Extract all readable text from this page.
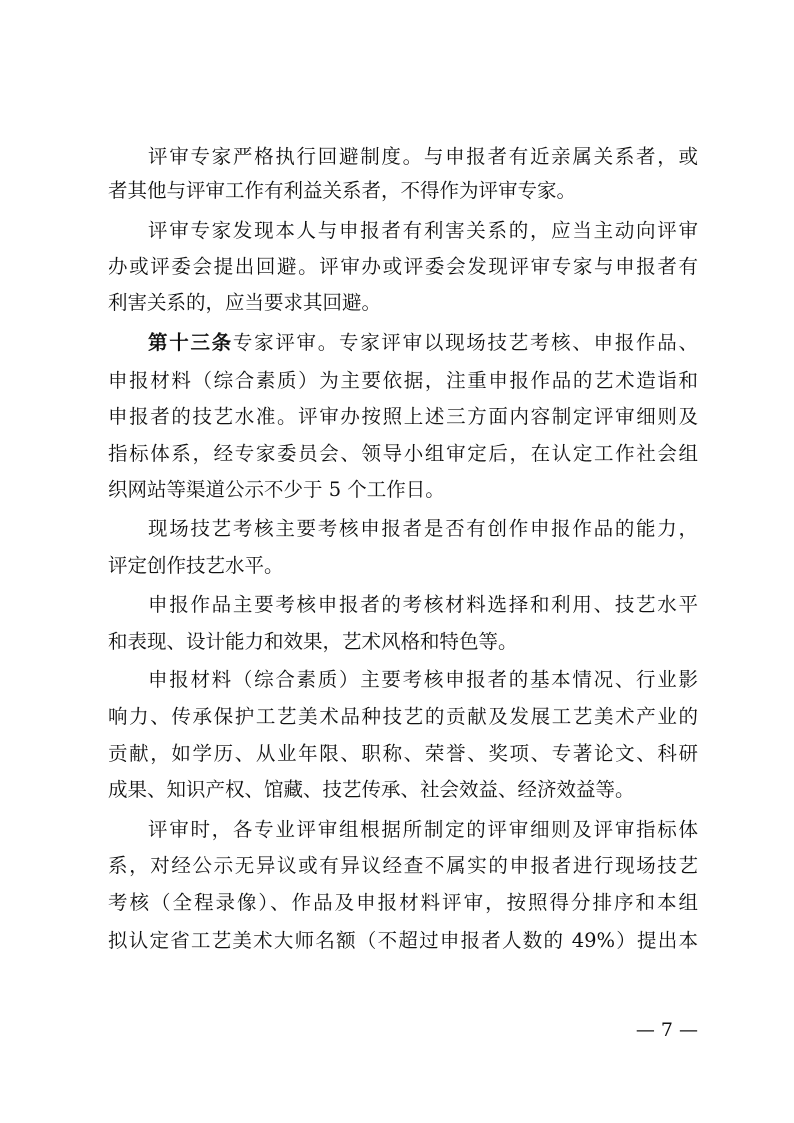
评审专家严格执行回避制度。与申报者有近亲属关系者，或
者其他与评审工作有利益关系者，不得作为评审专家。
评审专家发现本人与申报者有利害关系的，应当主动向评审
办或评委会提出回避。评审办或评委会发现评审专家与申报者有
利害关系的，应当要求其回避。
第十三条专家评审。专家评审以现场技艺考核、申报作品、
申报材料（综合素质）为主要依据，注重申报作品的艺术造诣和
申报者的技艺水准。评审办按照上述三方面内容制定评审细则及
指标体系，经专家委员会、领导小组审定后，在认定工作社会组
织网站等渠道公示不少于 5 个工作日。
现场技艺考核主要考核申报者是否有创作申报作品的能力，
评定创作技艺水平。
申报作品主要考核申报者的考核材料选择和利用、技艺水平
和表现、设计能力和效果，艺术风格和特色等。
申报材料（综合素质）主要考核申报者的基本情况、行业影
响力、传承保护工艺美术品种技艺的贡献及发展工艺美术产业的
贡献，如学历、从业年限、职称、荣誉、奖项、专著论文、科研
成果、知识产权、馆藏、技艺传承、社会效益、经济效益等。
评审时，各专业评审组根据所制定的评审细则及评审指标体
系，对经公示无异议或有异议经查不属实的申报者进行现场技艺
考核（全程录像）、作品及申报材料评审，按照得分排序和本组
拟认定省工艺美术大师名额（不超过申报者人数的 49%）提出本
— 7 —
